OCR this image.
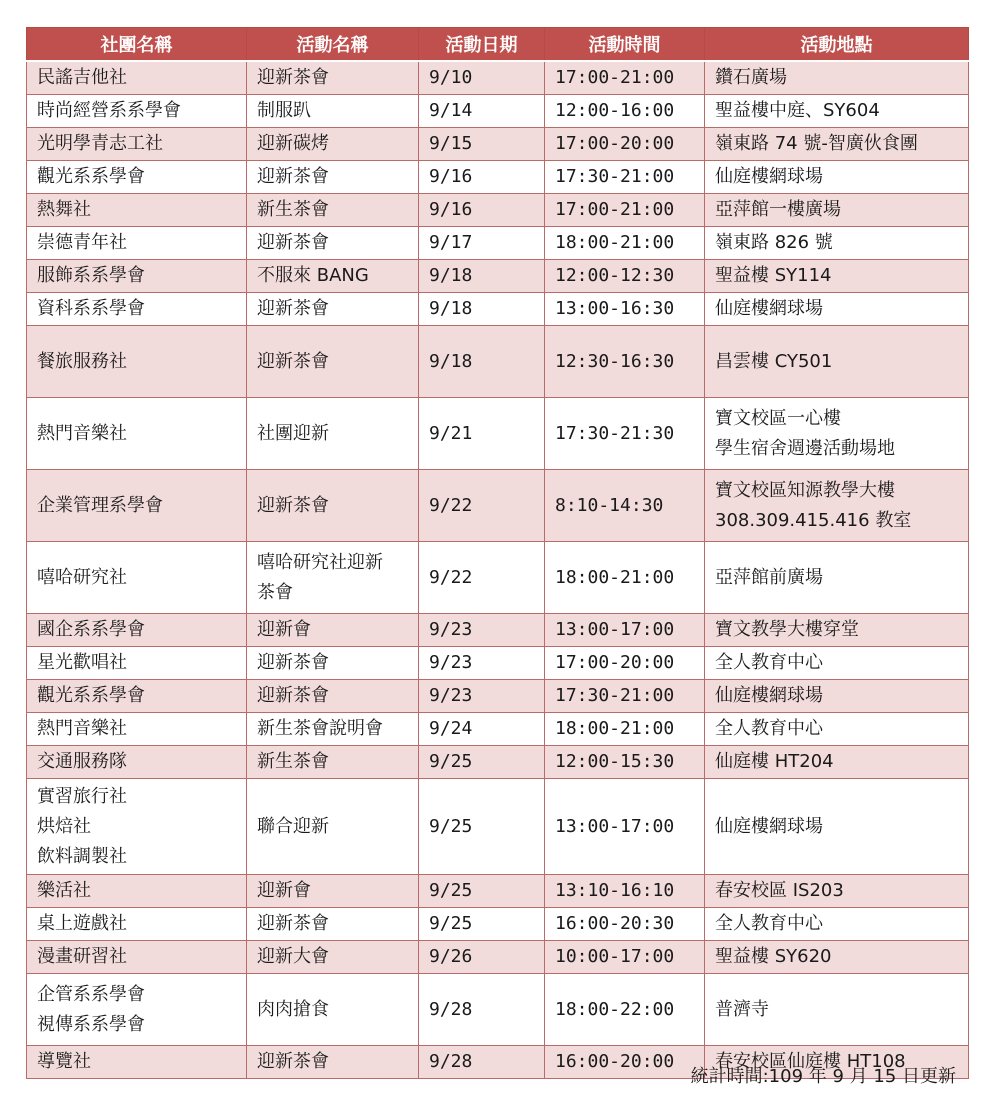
社團名稱	活動名稱	活動日期	活動時間	活動地點

民謠吉他社	迎新茶會	9/10	17:00-21:00	鑽石廣場

時尚經營系系學會	制服趴	9/14	12:00-16:00	聖益樓中庭、SY604

光明學青志工社	迎新碳烤	9/15	17:00-20:00	嶺東路 74 號-智廣伙食團

觀光系系學會	迎新茶會	9/16	17:30-21:00	仙庭樓網球場

熱舞社	新生茶會	9/16	17:00-21:00	亞萍館一樓廣場

崇德青年社	迎新茶會	9/17	18:00-21:00	嶺東路 826 號

服飾系系學會	不服來 BANG	9/18	12:00-12:30	聖益樓 SY114

資科系系學會	迎新茶會	9/18	13:00-16:30	仙庭樓網球場

餐旅服務社	迎新茶會	9/18	12:30-16:30	昌雲樓 CY501

熱門音樂社	社團迎新	9/21	17:30-21:30	寶文校區一心樓
學生宿舍週邊活動場地

企業管理系學會	迎新茶會	9/22	8:10-14:30	寶文校區知源教學大樓
308.309.415.416 教室

嘻哈研究社	嘻哈研究社迎新
茶會	9/22	18:00-21:00	亞萍館前廣場

國企系系學會	迎新會	9/23	13:00-17:00	寶文教學大樓穿堂

星光歡唱社	迎新茶會	9/23	17:00-20:00	全人教育中心

觀光系系學會	迎新茶會	9/23	17:30-21:00	仙庭樓網球場

熱門音樂社	新生茶會說明會	9/24	18:00-21:00	全人教育中心

交通服務隊	新生茶會	9/25	12:00-15:30	仙庭樓 HT204

實習旅行社
烘焙社
飲料調製社	聯合迎新	9/25	13:00-17:00	仙庭樓網球場

樂活社	迎新會	9/25	13:10-16:10	春安校區 IS203

桌上遊戲社	迎新茶會	9/25	16:00-20:30	全人教育中心

漫畫研習社	迎新大會	9/26	10:00-17:00	聖益樓 SY620

企管系系學會
視傳系系學會	肉肉搶食	9/28	18:00-22:00	普濟寺

導覽社	迎新茶會	9/28	16:00-20:00	春安校區仙庭樓 HT108
統計時間:109 年 9 月 15 日更新
